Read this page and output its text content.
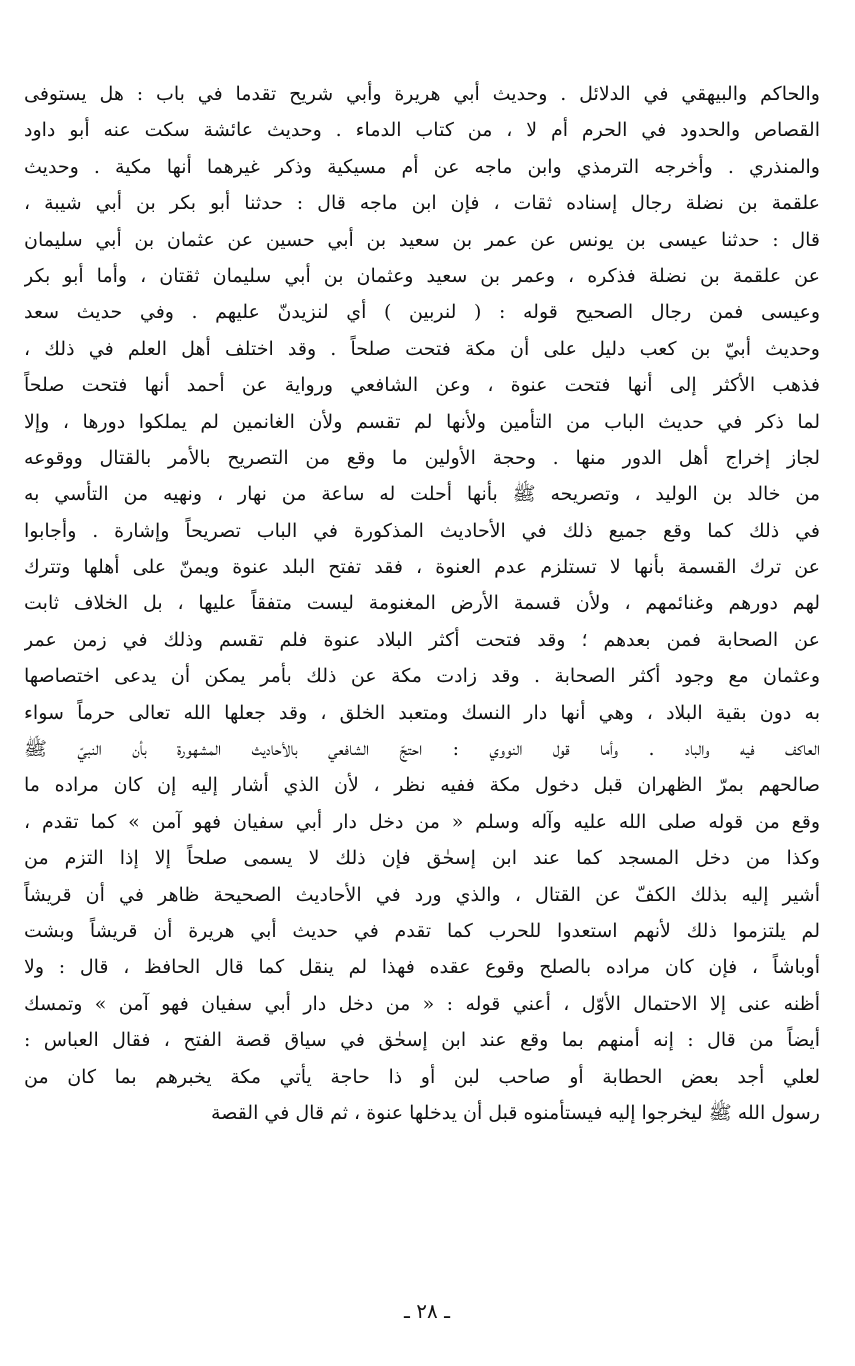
والحاكم والبيهقي في الدلائل . وحديث أبي هريرة وأبي شريح تقدما في باب : هل يستوفى
القصاص والحدود في الحرم أم لا ، من كتاب الدماء . وحديث عائشة سكت عنه أبو داود
والمنذري . وأخرجه الترمذي وابن ماجه عن أم مسيكية وذكر غيرهما أنها مكية . وحديث
علقمة بن نضلة رجال إسناده ثقات ، فإن ابن ماجه قال : حدثنا أبو بكر بن أبي شيبة ،
قال : حدثنا عيسى بن يونس عن عمر بن سعيد بن أبي حسين عن عثمان بن أبي سليمان
عن علقمة بن نضلة فذكره ، وعمر بن سعيد وعثمان بن أبي سليمان ثقتان ، وأما أبو بكر
وعيسى فمن رجال الصحيح قوله : ( لنربين ) أي لنزيدنّ عليهم . وفي حديث سعد
وحديث أبيّ بن كعب دليل على أن مكة فتحت صلحاً . وقد اختلف أهل العلم في ذلك ،
فذهب الأكثر إلى أنها فتحت عنوة ، وعن الشافعي ورواية عن أحمد أنها فتحت صلحاً
لما ذكر في حديث الباب من التأمين ولأنها لم تقسم ولأن الغانمين لم يملكوا دورها ، وإلا
لجاز إخراج أهل الدور منها . وحجة الأولين ما وقع من التصريح بالأمر بالقتال ووقوعه
من خالد بن الوليد ، وتصريحه ﷺ بأنها أحلت له ساعة من نهار ، ونهيه من التأسي به
في ذلك كما وقع جميع ذلك في الأحاديث المذكورة في الباب تصريحاً وإشارة . وأجابوا
عن ترك القسمة بأنها لا تستلزم عدم العنوة ، فقد تفتح البلد عنوة ويمنّ على أهلها وتترك
لهم دورهم وغنائمهم ، ولأن قسمة الأرض المغنومة ليست متفقاً عليها ، بل الخلاف ثابت
عن الصحابة فمن بعدهم ؛ وقد فتحت أكثر البلاد عنوة فلم تقسم وذلك في زمن عمر
وعثمان مع وجود أكثر الصحابة . وقد زادت مكة عن ذلك بأمر يمكن أن يدعى اختصاصها
به دون بقية البلاد ، وهي أنها دار النسك ومتعبد الخلق ، وقد جعلها الله تعالى حرماً سواء
العاكف فيه والباد . وأما قول النووي : احتجّ الشافعي بالأحاديث المشهورة بأن النبيّ ﷺ
صالحهم بمرّ الظهران قبل دخول مكة ففيه نظر ، لأن الذي أشار إليه إن كان مراده ما
وقع من قوله صلى الله عليه وآله وسلم « من دخل دار أبي سفيان فهو آمن » كما تقدم ،
وكذا من دخل المسجد كما عند ابن إسحٰق فإن ذلك لا يسمى صلحاً إلا إذا التزم من
أشير إليه بذلك الكفّ عن القتال ، والذي ورد في الأحاديث الصحيحة ظاهر في أن قريشاً
لم يلتزموا ذلك لأنهم استعدوا للحرب كما تقدم في حديث أبي هريرة أن قريشاً وبشت
أوباشاً ، فإن كان مراده بالصلح وقوع عقده فهذا لم ينقل كما قال الحافظ ، قال : ولا
أظنه عنى إلا الاحتمال الأوّل ، أعني قوله : « من دخل دار أبي سفيان فهو آمن » وتمسك
أيضاً من قال : إنه أمنهم بما وقع عند ابن إسحٰق في سياق قصة الفتح ، فقال العباس :
لعلي أجد بعض الحطابة أو صاحب لبن أو ذا حاجة يأتي مكة يخبرهم بما كان من
رسول الله ﷺ ليخرجوا إليه فيستأمنوه قبل أن يدخلها عنوة ، ثم قال في القصة
ـ ٢٨ ـ
